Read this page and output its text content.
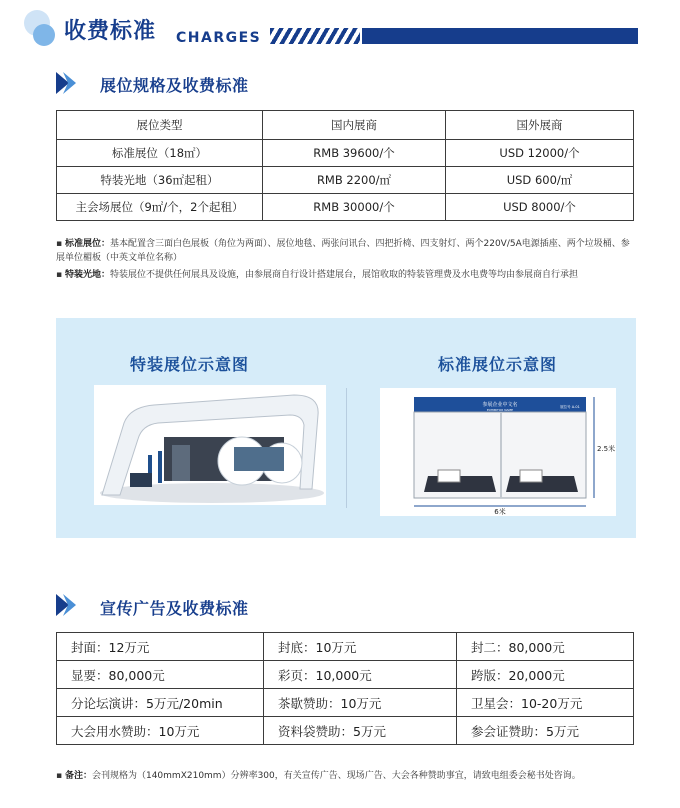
收费标准 CHARGES
展位规格及收费标准
展位类型	国内展商	国外展商
标准展位（18㎡）	RMB 39600/个	USD 12000/个
特装光地（36㎡起租）	RMB 2200/㎡	USD 600/㎡
主会场展位（9㎡/个，2个起租）	RMB 30000/个	USD 8000/个
▪ 标准展位：基本配置含三面白色展板（角位为两面）、展位地毯、两张问讯台、四把折椅、四支射灯、两个220V/5A电源插座、两个垃圾桶、参展单位楣板（中英文单位名称）
▪ 特装光地：特装展位不提供任何展具及设施，由参展商自行设计搭建展台，展馆收取的特装管理费及水电费等均由参展商自行承担
特装展位示意图	标准展位示意图
参展企业中文名
EXHIBITOR NAME
展位号 A-01
2.5米
6米
宣传广告及收费标准
封面：12万元	封底：10万元	封二：80,000元
显要：80,000元	彩页：10,000元	跨版：20,000元
分论坛演讲：5万元/20min	茶歇赞助：10万元	卫星会：10-20万元
大会用水赞助：10万元	资料袋赞助：5万元	参会证赞助：5万元
▪ 备注：会刊规格为（140mmX210mm）分辨率300，有关宣传广告、现场广告、大会各种赞助事宜，请致电组委会秘书处咨询。
